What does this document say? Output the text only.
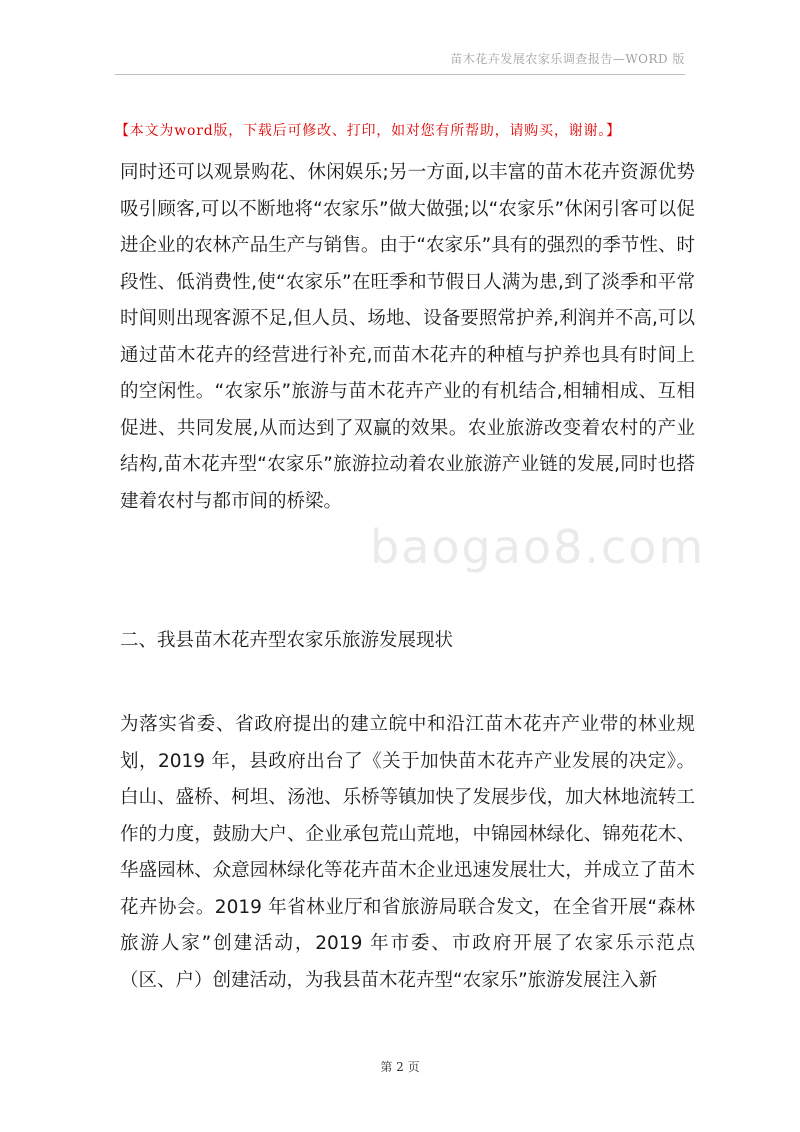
苗木花卉发展农家乐调查报告—WORD 版
【本文为word版，下载后可修改、打印，如对您有所帮助，请购买，谢谢。】

同时还可以观景购花、休闲娱乐;另一方面,以丰富的苗木花卉资源优势吸引顾客,可以不断地将“农家乐”做大做强;以“农家乐”休闲引客可以促进企业的农林产品生产与销售。由于“农家乐”具有的强烈的季节性、时段性、低消费性,使“农家乐”在旺季和节假日人满为患,到了淡季和平常时间则出现客源不足,但人员、场地、设备要照常护养,利润并不高,可以通过苗木花卉的经营进行补充,而苗木花卉的种植与护养也具有时间上的空闲性。“农家乐”旅游与苗木花卉产业的有机结合,相辅相成、互相促进、共同发展,从而达到了双赢的效果。农业旅游改变着农村的产业结构,苗木花卉型“农家乐”旅游拉动着农业旅游产业链的发展,同时也搭建着农村与都市间的桥梁。

baogao8.com
二、我县苗木花卉型农家乐旅游发展现状

为落实省委、省政府提出的建立皖中和沿江苗木花卉产业带的林业规划，2019 年，县政府出台了《关于加快苗木花卉产业发展的决定》。白山、盛桥、柯坦、汤池、乐桥等镇加快了发展步伐，加大林地流转工作的力度，鼓励大户、企业承包荒山荒地，中锦园林绿化、锦苑花木、华盛园林、众意园林绿化等花卉苗木企业迅速发展壮大，并成立了苗木花卉协会。2019 年省林业厅和省旅游局联合发文，在全省开展“森林旅游人家”创建活动，2019 年市委、市政府开展了农家乐示范点（区、户）创建活动，为我县苗木花卉型“农家乐”旅游发展注入新

第 2 页
